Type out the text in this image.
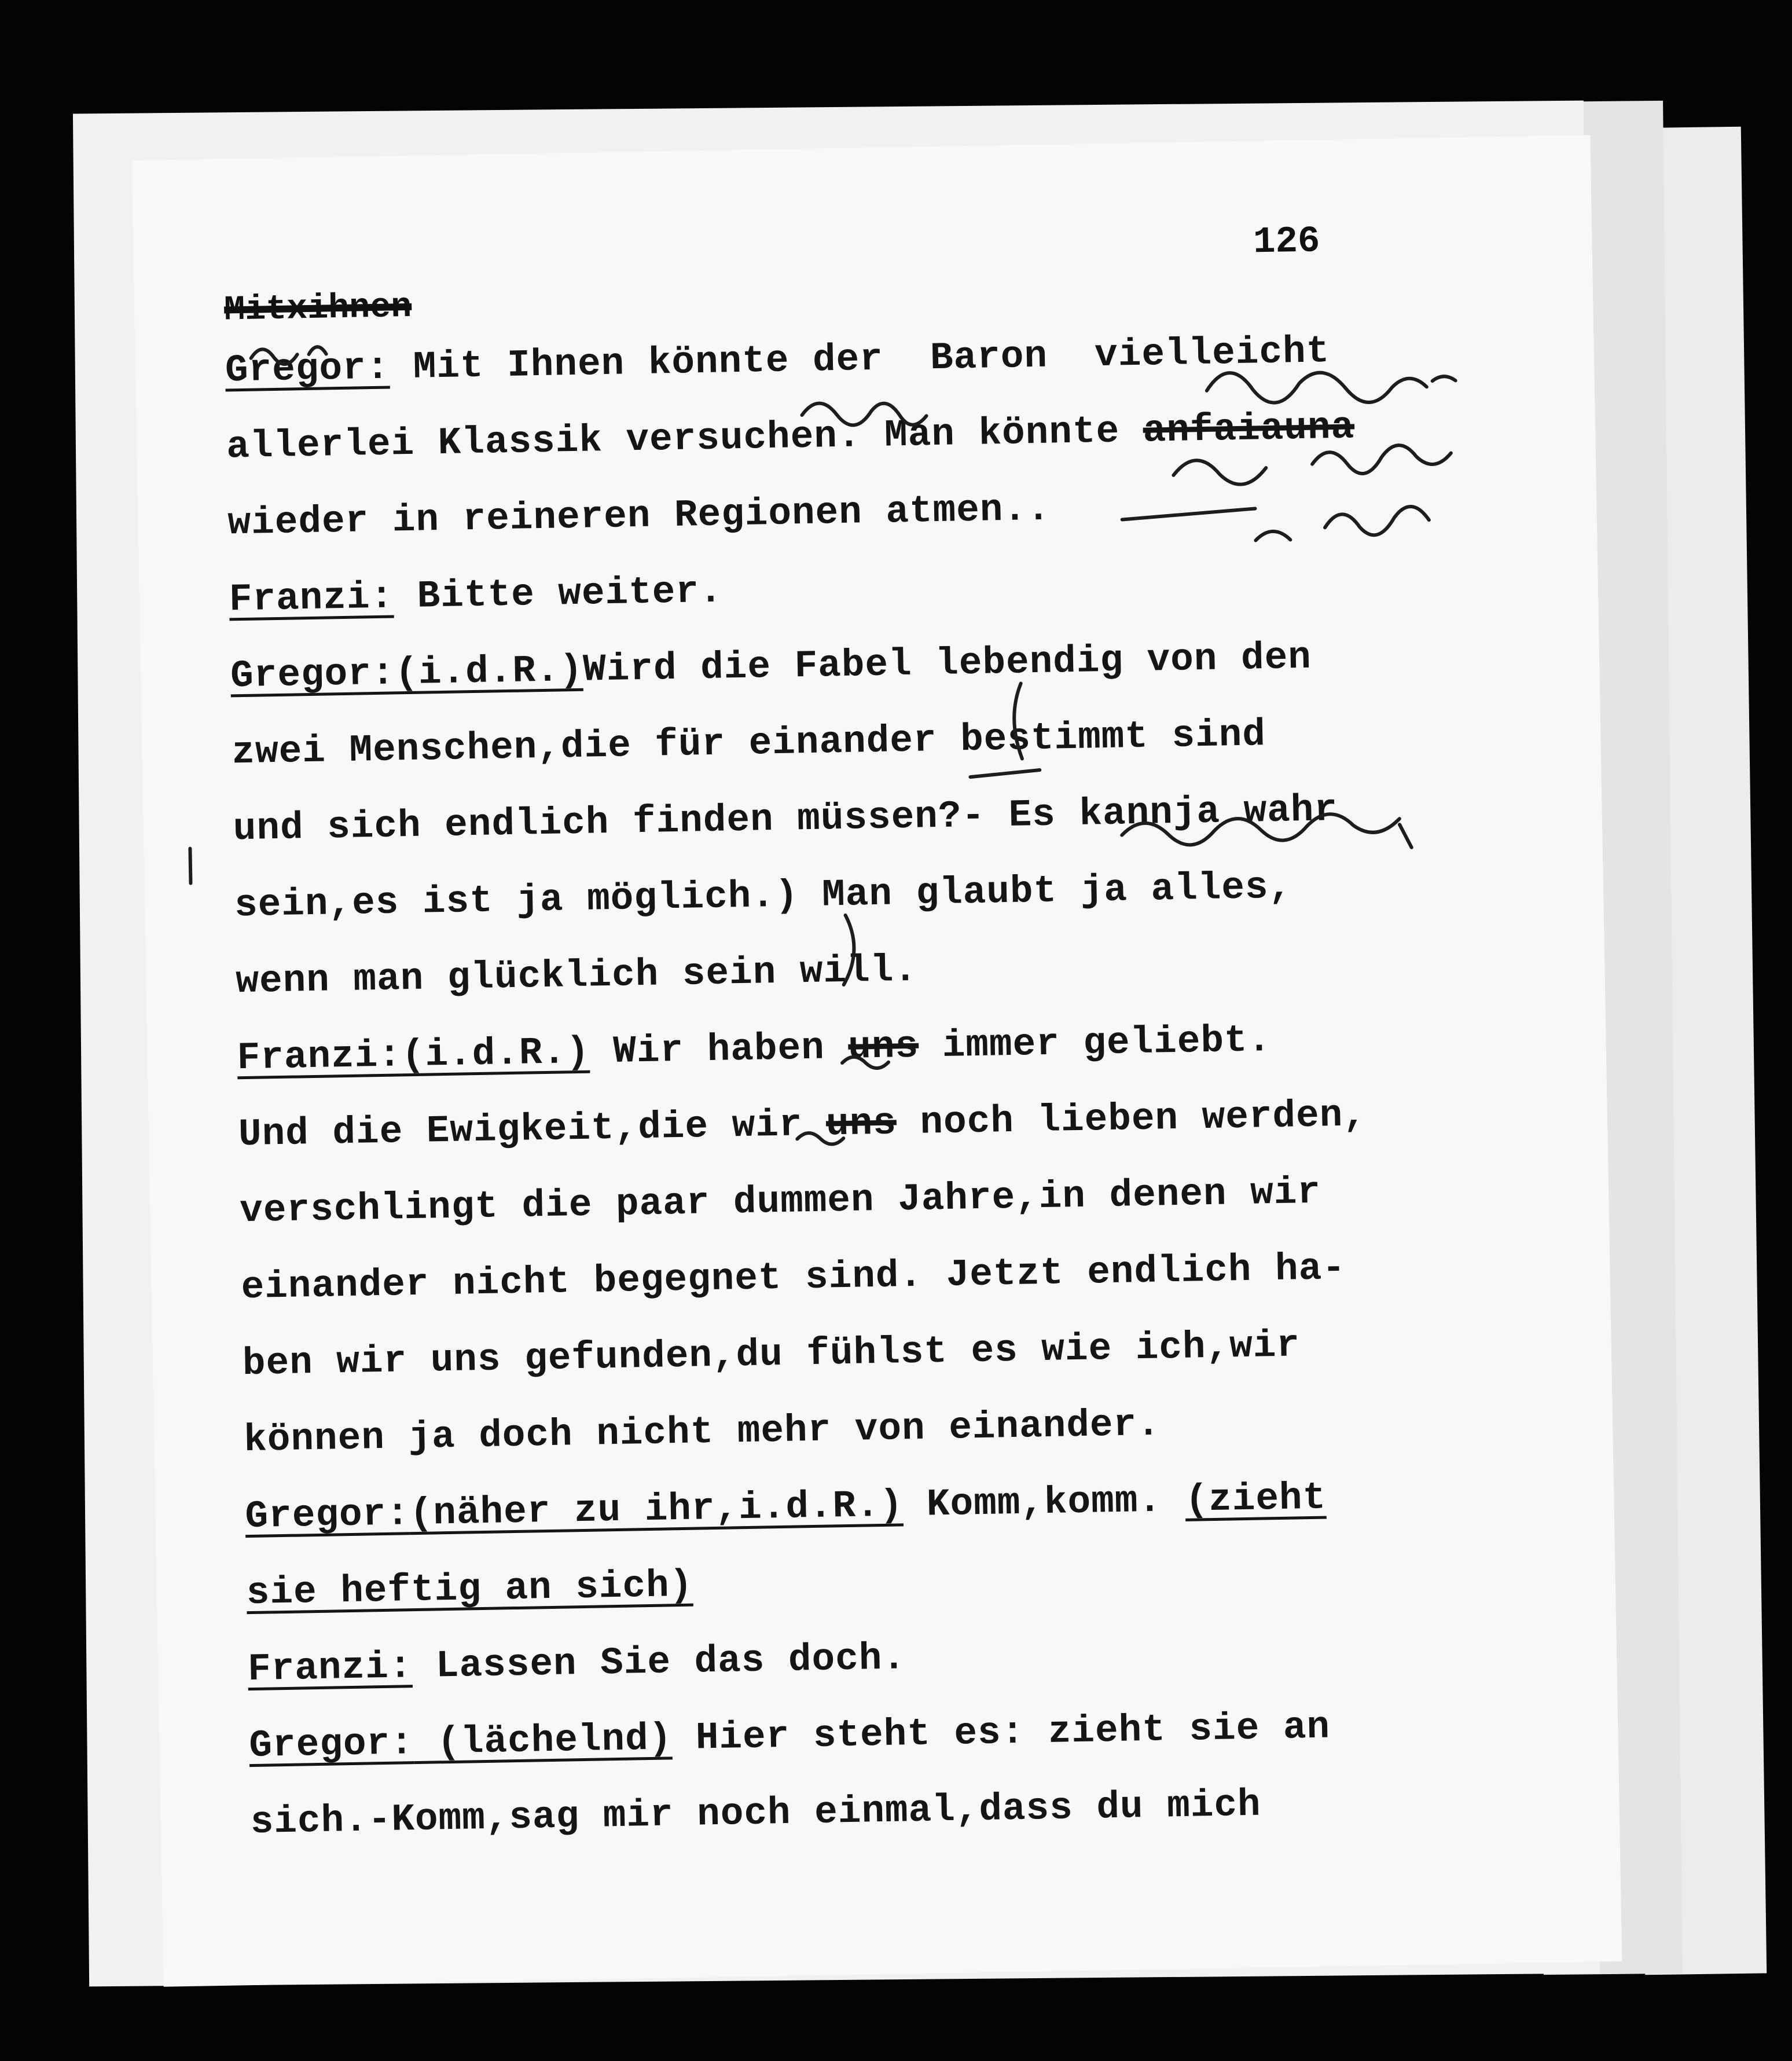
126
Mitxihnen
Gregor: Mit Ihnen könnte der  Baron  vielleicht
allerlei Klassik versuchen. Man könnte anfaiauna
wieder in reineren Regionen atmen..
Franzi: Bitte weiter.
Gregor:(i.d.R.)Wird die Fabel lebendig von den
zwei Menschen,die für einander bestimmt sind
und sich endlich finden müssen?- Es kannja wahr
sein,es ist ja möglich.) Man glaubt ja alles,
wenn man glücklich sein will.
Franzi:(i.d.R.) Wir haben uns immer geliebt.
Und die Ewigkeit,die wir uns noch lieben werden,
verschlingt die paar dummen Jahre,in denen wir
einander nicht begegnet sind. Jetzt endlich ha-
ben wir uns gefunden,du fühlst es wie ich,wir
können ja doch nicht mehr von einander.
Gregor:(näher zu ihr,i.d.R.) Komm,komm. (zieht
sie heftig an sich)
Franzi: Lassen Sie das doch.
Gregor: (lächelnd) Hier steht es: zieht sie an
sich.-Komm,sag mir noch einmal,dass du mich
